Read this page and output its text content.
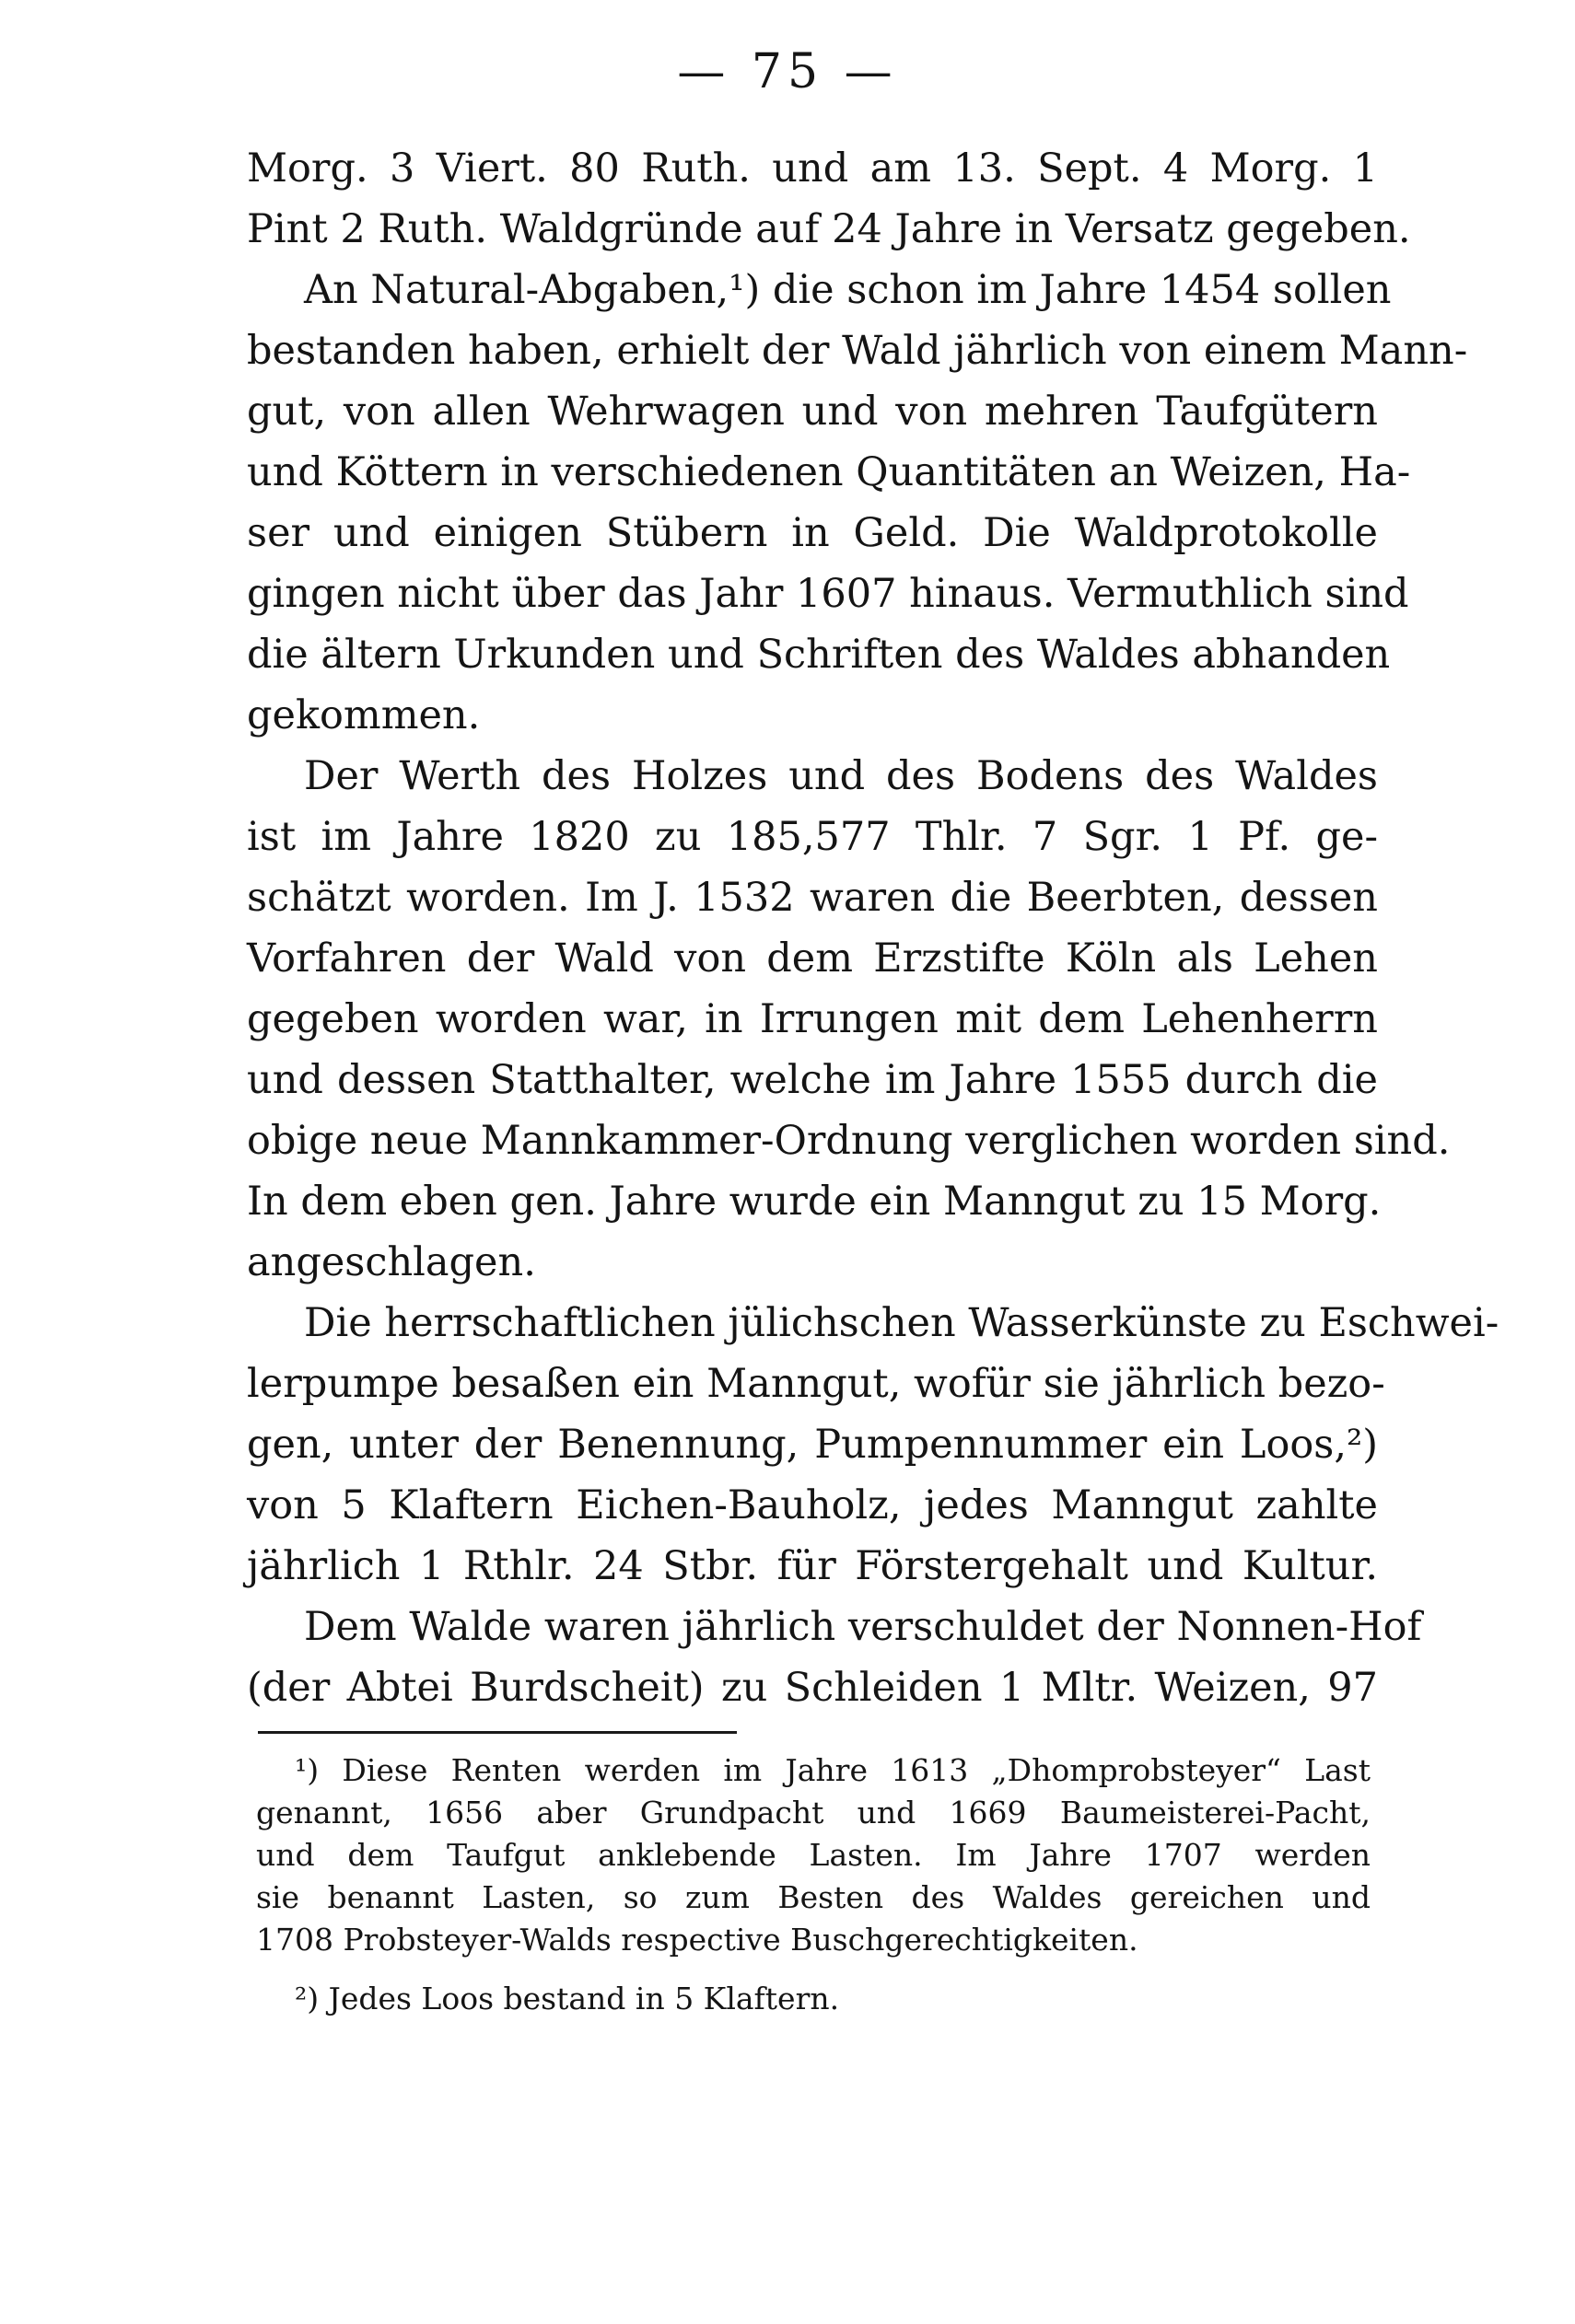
— 75 —
Morg. 3 Viert. 80 Ruth. und am 13. Sept. 4 Morg. 1
Pint 2 Ruth. Waldgründe auf 24 Jahre in Versatz gegeben.
An Natural-Abgaben,¹) die schon im Jahre 1454 sollen
bestanden haben, erhielt der Wald jährlich von einem Mann-
gut, von allen Wehrwagen und von mehren Taufgütern
und Köttern in verschiedenen Quantitäten an Weizen, Ha-
ser und einigen Stübern in Geld. Die Waldprotokolle
gingen nicht über das Jahr 1607 hinaus. Vermuthlich sind
die ältern Urkunden und Schriften des Waldes abhanden
gekommen.
Der Werth des Holzes und des Bodens des Waldes
ist im Jahre 1820 zu 185,577 Thlr. 7 Sgr. 1 Pf. ge-
schätzt worden. Im J. 1532 waren die Beerbten, dessen
Vorfahren der Wald von dem Erzstifte Köln als Lehen
gegeben worden war, in Irrungen mit dem Lehenherrn
und dessen Statthalter, welche im Jahre 1555 durch die
obige neue Mannkammer-Ordnung verglichen worden sind.
In dem eben gen. Jahre wurde ein Manngut zu 15 Morg.
angeschlagen.
Die herrschaftlichen jülichschen Wasserkünste zu Eschwei-
lerpumpe besaßen ein Manngut, wofür sie jährlich bezo-
gen, unter der Benennung, Pumpennummer ein Loos,²)
von 5 Klaftern Eichen-Bauholz, jedes Manngut zahlte
jährlich 1 Rthlr. 24 Stbr. für Förstergehalt und Kultur.
Dem Walde waren jährlich verschuldet der Nonnen-Hof
(der Abtei Burdscheit) zu Schleiden 1 Mltr. Weizen, 97
¹) Diese Renten werden im Jahre 1613 „Dhomprobsteyer“ Last
genannt, 1656 aber Grundpacht und 1669 Baumeisterei-Pacht,
und dem Taufgut anklebende Lasten. Im Jahre 1707 werden
sie benannt Lasten, so zum Besten des Waldes gereichen und
1708 Probsteyer-Walds respective Buschgerechtigkeiten.
²) Jedes Loos bestand in 5 Klaftern.
